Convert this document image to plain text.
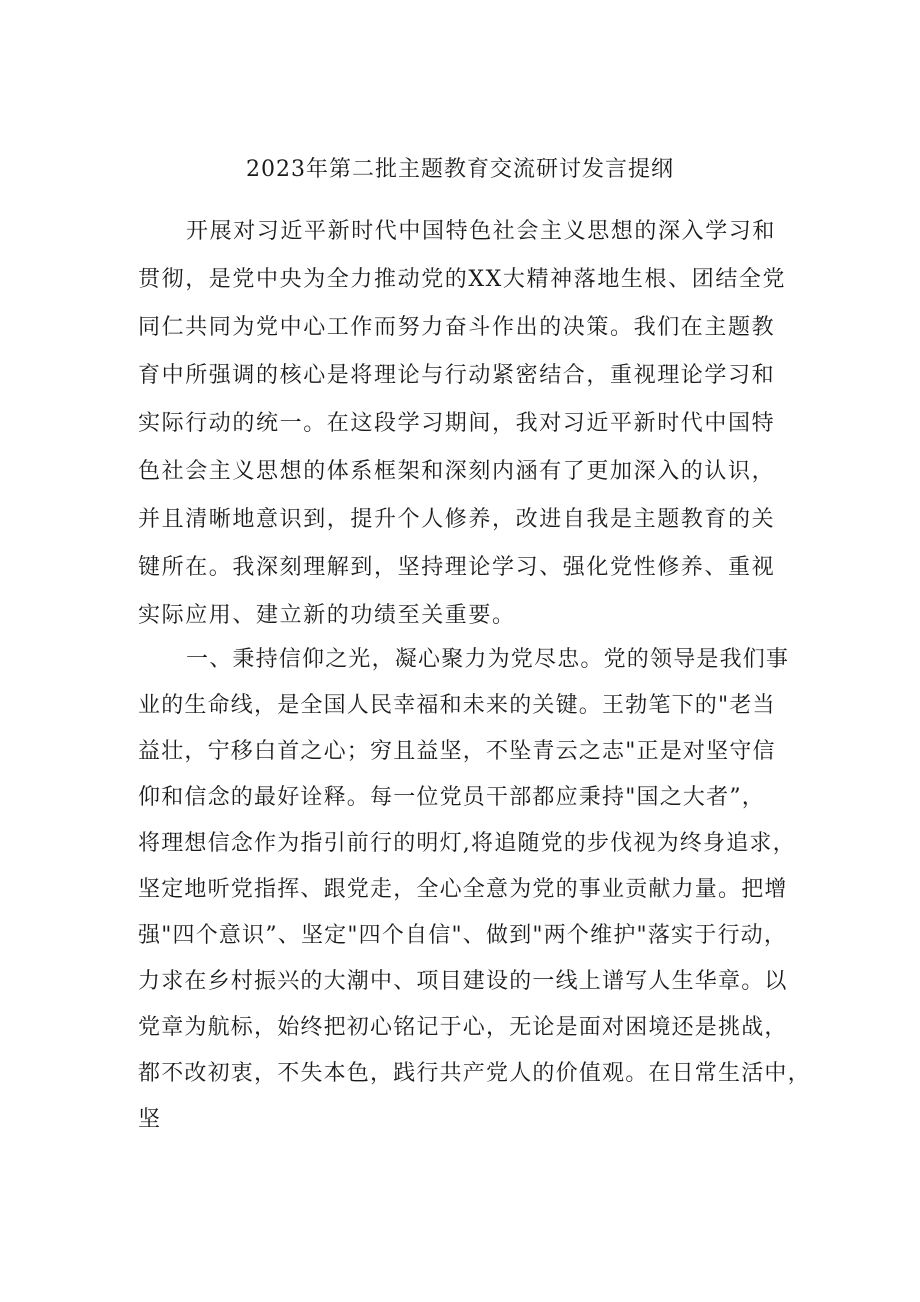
2023年第二批主题教育交流研讨发言提纲
开展对习近平新时代中国特色社会主义思想的深入学习和
贯彻，是党中央为全力推动党的XX大精神落地生根、团结全党
同仁共同为党中心工作而努力奋斗作出的决策。我们在主题教
育中所强调的核心是将理论与行动紧密结合，重视理论学习和
实际行动的统一。在这段学习期间，我对习近平新时代中国特
色社会主义思想的体系框架和深刻内涵有了更加深入的认识，
并且清晰地意识到，提升个人修养，改进自我是主题教育的关
键所在。我深刻理解到，坚持理论学习、强化党性修养、重视
实际应用、建立新的功绩至关重要。
一、秉持信仰之光，凝心聚力为党尽忠。党的领导是我们事
业的生命线，是全国人民幸福和未来的关键。王勃笔下的"老当
益壮，宁移白首之心；穷且益坚，不坠青云之志"正是对坚守信
仰和信念的最好诠释。每一位党员干部都应秉持"国之大者”，
将理想信念作为指引前行的明灯,将追随党的步伐视为终身追求，
坚定地听党指挥、跟党走，全心全意为党的事业贡献力量。把增
强"四个意识”、坚定"四个自信"、做到"两个维护"落实于行动，
力求在乡村振兴的大潮中、项目建设的一线上谱写人生华章。以
党章为航标，始终把初心铭记于心，无论是面对困境还是挑战，
都不改初衷，不失本色，践行共产党人的价值观。在日常生活中，
坚
